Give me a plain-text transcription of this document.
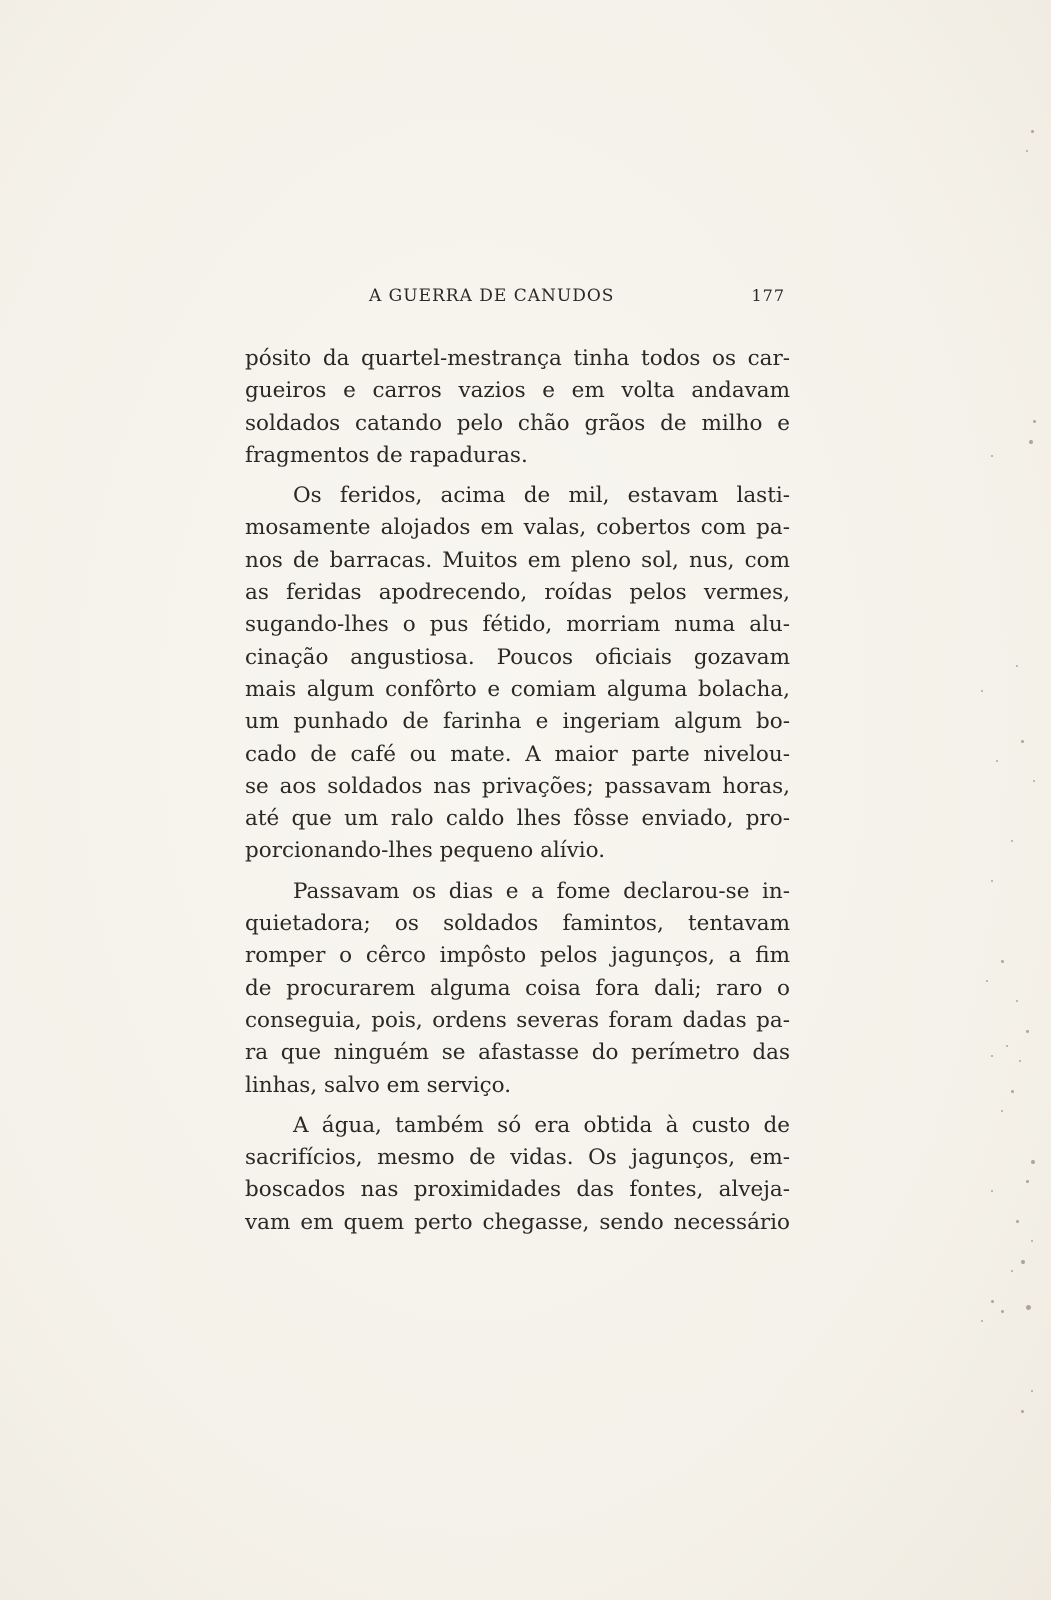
A GUERRA DE CANUDOS	177
pósito da quartel-mestrança tinha todos os car-
gueiros e carros vazios e em volta andavam
soldados catando pelo chão grãos de milho e
fragmentos de rapaduras.
Os feridos, acima de mil, estavam lasti-
mosamente alojados em valas, cobertos com pa-
nos de barracas. Muitos em pleno sol, nus, com
as feridas apodrecendo, roídas pelos vermes,
sugando-lhes o pus fétido, morriam numa alu-
cinação angustiosa. Poucos oficiais gozavam
mais algum confôrto e comiam alguma bolacha,
um punhado de farinha e ingeriam algum bo-
cado de café ou mate. A maior parte nivelou-
se aos soldados nas privações; passavam horas,
até que um ralo caldo lhes fôsse enviado, pro-
porcionando-lhes pequeno alívio.
Passavam os dias e a fome declarou-se in-
quietadora; os soldados famintos, tentavam
romper o cêrco impôsto pelos jagunços, a fim
de procurarem alguma coisa fora dali; raro o
conseguia, pois, ordens severas foram dadas pa-
ra que ninguém se afastasse do perímetro das
linhas, salvo em serviço.
A água, também só era obtida à custo de
sacrifícios, mesmo de vidas. Os jagunços, em-
boscados nas proximidades das fontes, alveja-
vam em quem perto chegasse, sendo necessário
